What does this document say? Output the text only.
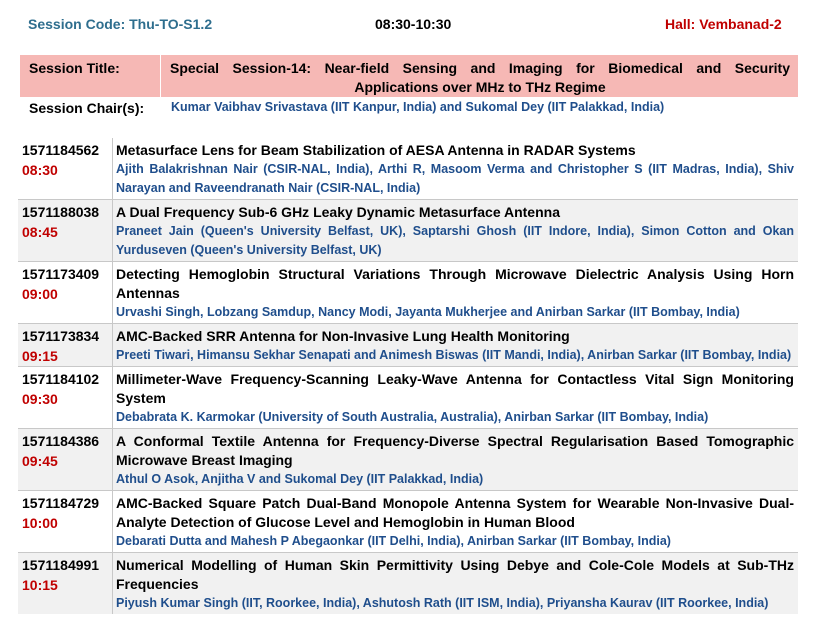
Session Code: Thu-TO-S1.2	08:30-10:30	Hall: Vembanad-2
Session Title:	Special Session-14: Near-field Sensing and Imaging for Biomedical and Security Applications over MHz to THz Regime
Session Chair(s): Kumar Vaibhav Srivastava (IIT Kanpur, India) and Sukomal Dey (IIT Palakkad, India)
1571184562
08:30
Metasurface Lens for Beam Stabilization of AESA Antenna in RADAR Systems
Ajith Balakrishnan Nair (CSIR-NAL, India), Arthi R, Masoom Verma and Christopher S (IIT Madras, India), Shiv Narayan and Raveendranath Nair (CSIR-NAL, India)
1571188038
08:45
A Dual Frequency Sub-6 GHz Leaky Dynamic Metasurface Antenna
Praneet Jain (Queen's University Belfast, UK), Saptarshi Ghosh (IIT Indore, India), Simon Cotton and Okan Yurduseven (Queen's University Belfast, UK)
1571173409
09:00
Detecting Hemoglobin Structural Variations Through Microwave Dielectric Analysis Using Horn Antennas
Urvashi Singh, Lobzang Samdup, Nancy Modi, Jayanta Mukherjee and Anirban Sarkar (IIT Bombay, India)
1571173834
09:15
AMC-Backed SRR Antenna for Non-Invasive Lung Health Monitoring
Preeti Tiwari, Himansu Sekhar Senapati and Animesh Biswas (IIT Mandi, India), Anirban Sarkar (IIT Bombay, India)
1571184102
09:30
Millimeter-Wave Frequency-Scanning Leaky-Wave Antenna for Contactless Vital Sign Monitoring System
Debabrata K. Karmokar (University of South Australia, Australia), Anirban Sarkar (IIT Bombay, India)
1571184386
09:45
A Conformal Textile Antenna for Frequency-Diverse Spectral Regularisation Based Tomographic Microwave Breast Imaging
Athul O Asok, Anjitha V and Sukomal Dey (IIT Palakkad, India)
1571184729
10:00
AMC-Backed Square Patch Dual-Band Monopole Antenna System for Wearable Non-Invasive Dual-Analyte Detection of Glucose Level and Hemoglobin in Human Blood
Debarati Dutta and Mahesh P Abegaonkar (IIT Delhi, India), Anirban Sarkar (IIT Bombay, India)
1571184991
10:15
Numerical Modelling of Human Skin Permittivity Using Debye and Cole-Cole Models at Sub-THz Frequencies
Piyush Kumar Singh (IIT, Roorkee, India), Ashutosh Rath (IIT ISM, India), Priyansha Kaurav (IIT Roorkee, India)
